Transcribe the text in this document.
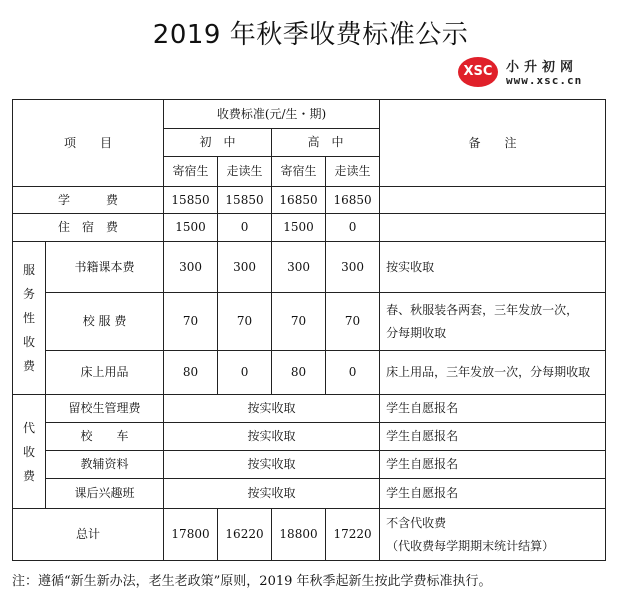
2019 年秋季收费标准公示
XSC	小升初网
www.xsc.cn
项　　目		收费标准(元/生・期)				备　　注
		初　中		高　中		
		寄宿生	走读生	寄宿生	走读生	
学　　　费		15850	15850	16850	16850	
住　宿　费		1500	0	1500	0	

服
务
性
收
费	书籍课本费	300	300	300	300	按实收取
	校 服 费	70	70	70	70	春、秋服装各两套，三年发放一次，
分每期收取

	床上用品	80	0	80	0	床上用品，三年发放一次，分每期收取

代
收
费	留校生管理费	按实收取				学生自愿报名
	校　　车	按实收取				学生自愿报名
	教辅资料	按实收取				学生自愿报名
	课后兴趣班	按实收取				学生自愿报名
总计		17800	16220	18800	17220	不含代收费
（代收费每学期期末统计结算）
注：遵循“新生新办法，老生老政策”原则，2019 年秋季起新生按此学费标准执行。
